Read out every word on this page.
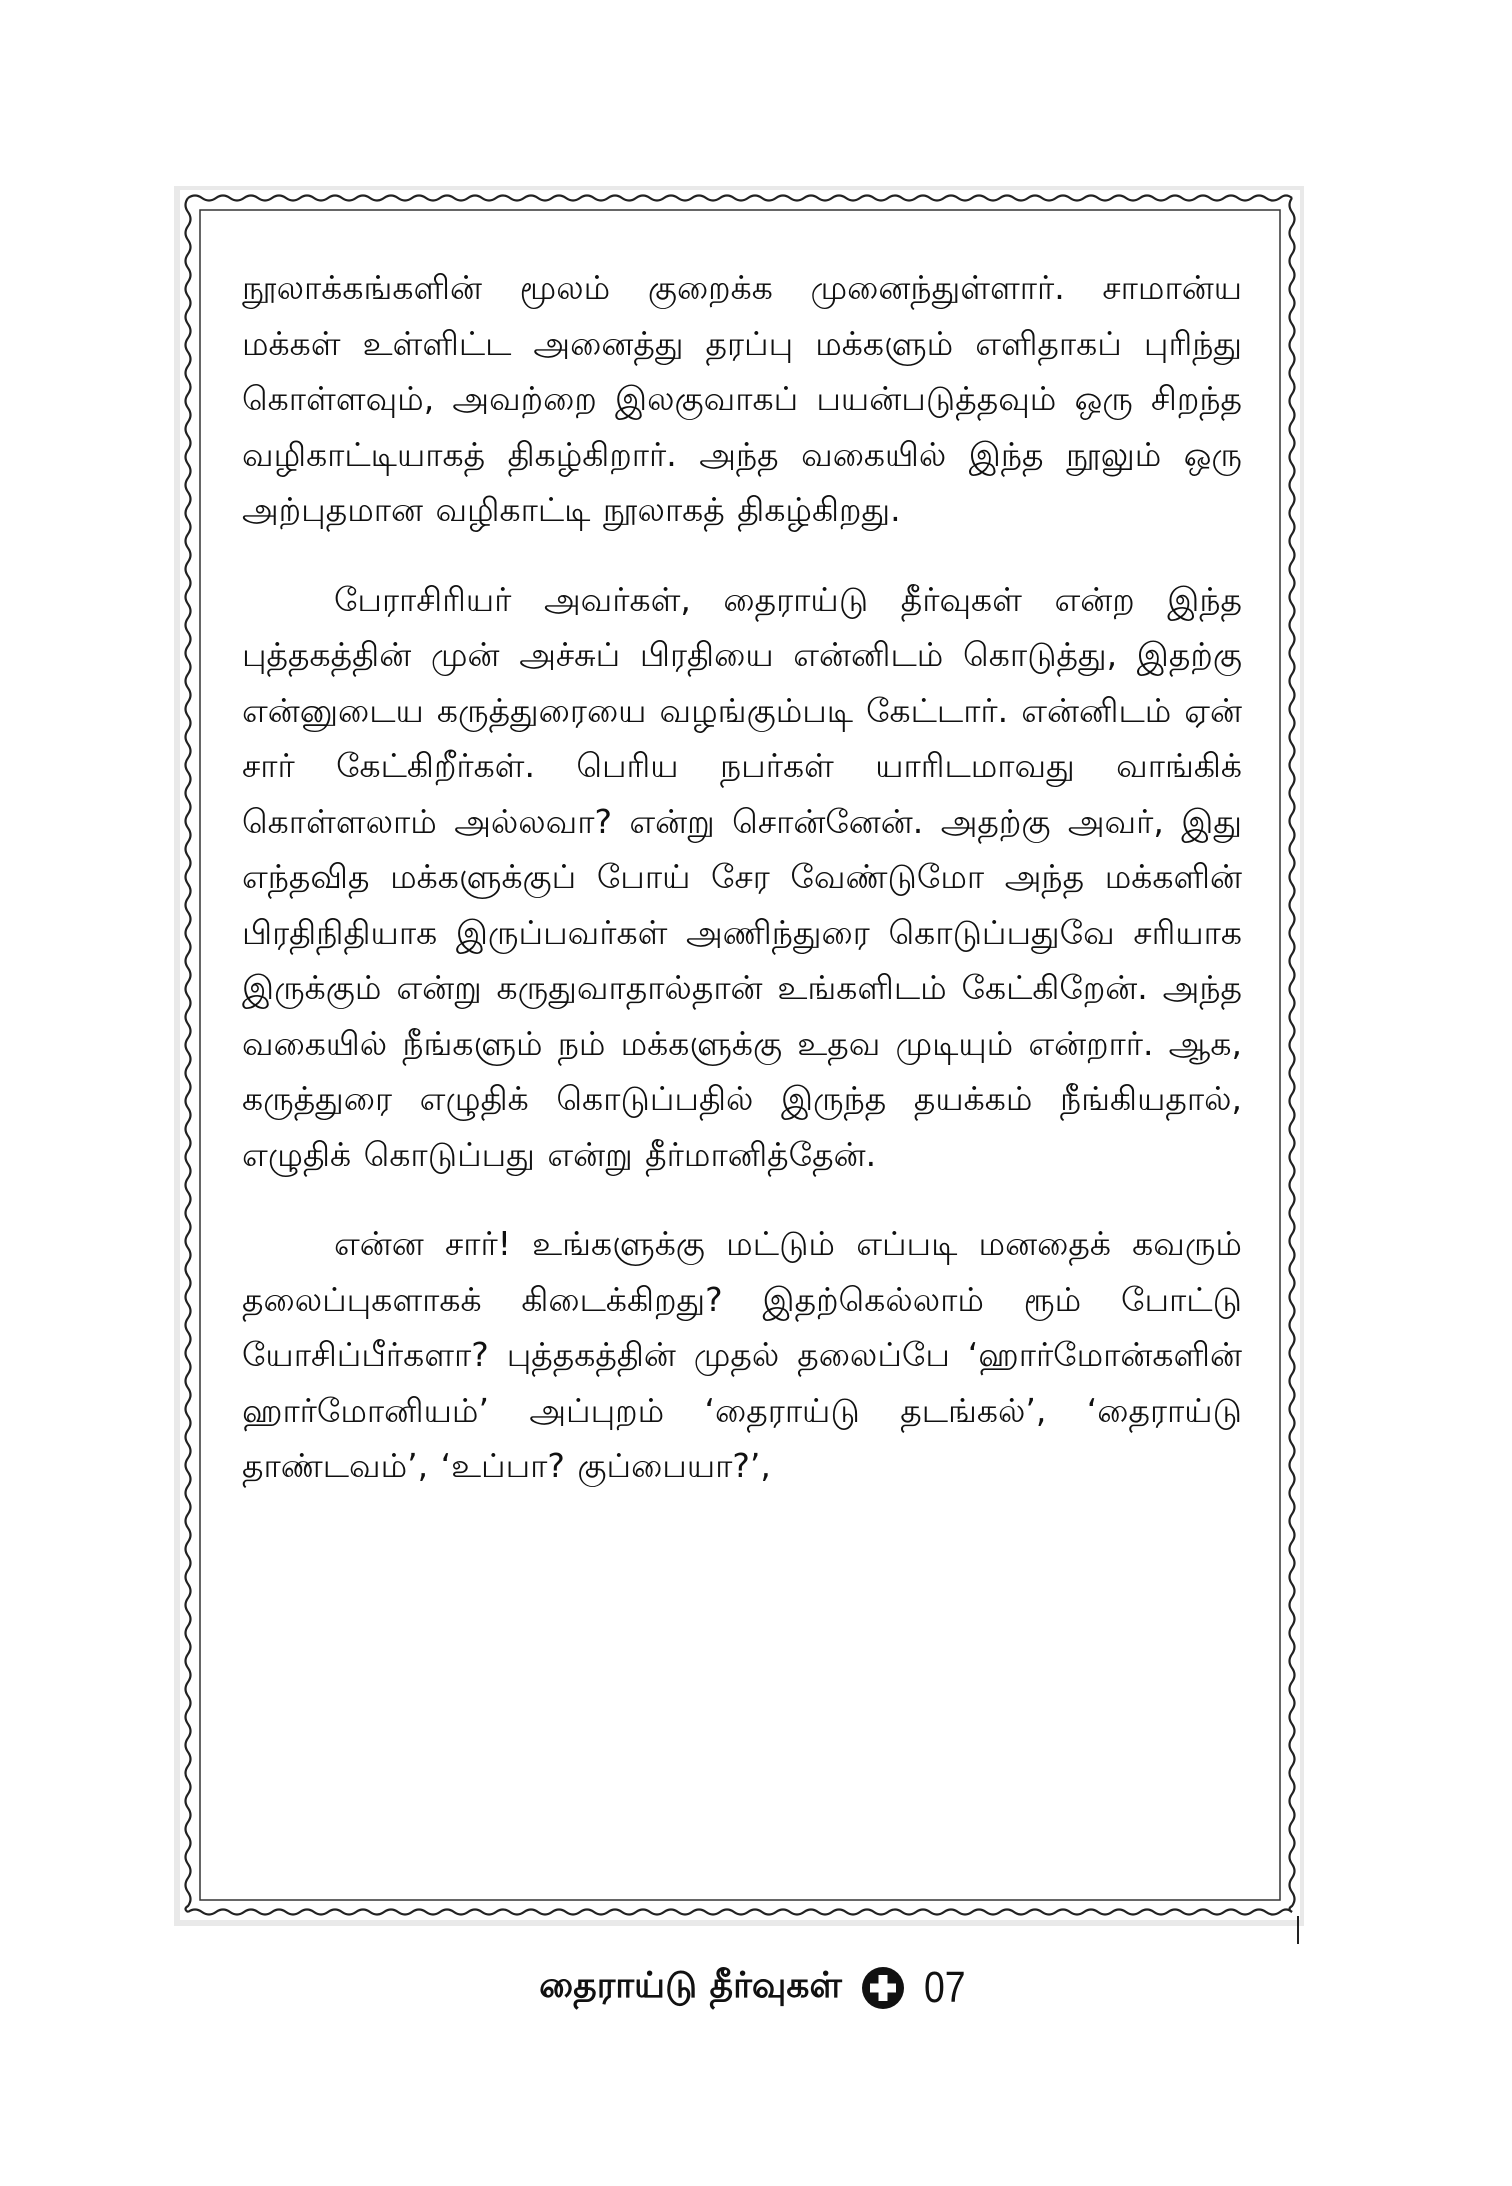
நூலாக்கங்களின் மூலம் குறைக்க முனைந்துள்ளார். சாமான்ய மக்கள் உள்ளிட்ட அனைத்து தரப்பு மக்களும் எளிதாகப் புரிந்து கொள்ளவும், அவற்றை இலகுவாகப் பயன்படுத்தவும் ஒரு சிறந்த வழிகாட்டியாகத் திகழ்கிறார். அந்த வகையில் இந்த நூலும் ஒரு அற்புதமான வழிகாட்டி நூலாகத் திகழ்கிறது.

பேராசிரியர் அவர்கள், தைராய்டு தீர்வுகள் என்ற இந்த புத்தகத்தின் முன் அச்சுப் பிரதியை என்னிடம் கொடுத்து, இதற்கு என்னுடைய கருத்துரையை வழங்கும்படி கேட்டார். என்னிடம் ஏன் சார் கேட்கிறீர்கள். பெரிய நபர்கள் யாரிடமாவது வாங்கிக் கொள்ளலாம் அல்லவா? என்று சொன்னேன். அதற்கு அவர், இது எந்தவித மக்களுக்குப் போய் சேர வேண்டுமோ அந்த மக்களின் பிரதிநிதியாக இருப்பவர்கள் அணிந்துரை கொடுப்பதுவே சரியாக இருக்கும் என்று கருதுவாதால்தான் உங்களிடம் கேட்கிறேன். அந்த வகையில் நீங்களும் நம் மக்களுக்கு உதவ முடியும் என்றார். ஆக, கருத்துரை எழுதிக் கொடுப்பதில் இருந்த தயக்கம் நீங்கியதால், எழுதிக் கொடுப்பது என்று தீர்மானித்தேன்.

என்ன சார்! உங்களுக்கு மட்டும் எப்படி மனதைக் கவரும் தலைப்புகளாகக் கிடைக்கிறது? இதற்கெல்லாம் ரூம் போட்டு யோசிப்பீர்களா? புத்தகத்தின் முதல் தலைப்பே ‘ஹார்மோன்களின் ஹார்மோனியம்’ அப்புறம் ‘தைராய்டு தடங்கல்’, ‘தைராய்டு தாண்டவம்’, ‘உப்பா? குப்பையா?’,

தைராய்டு தீர்வுகள் 07
